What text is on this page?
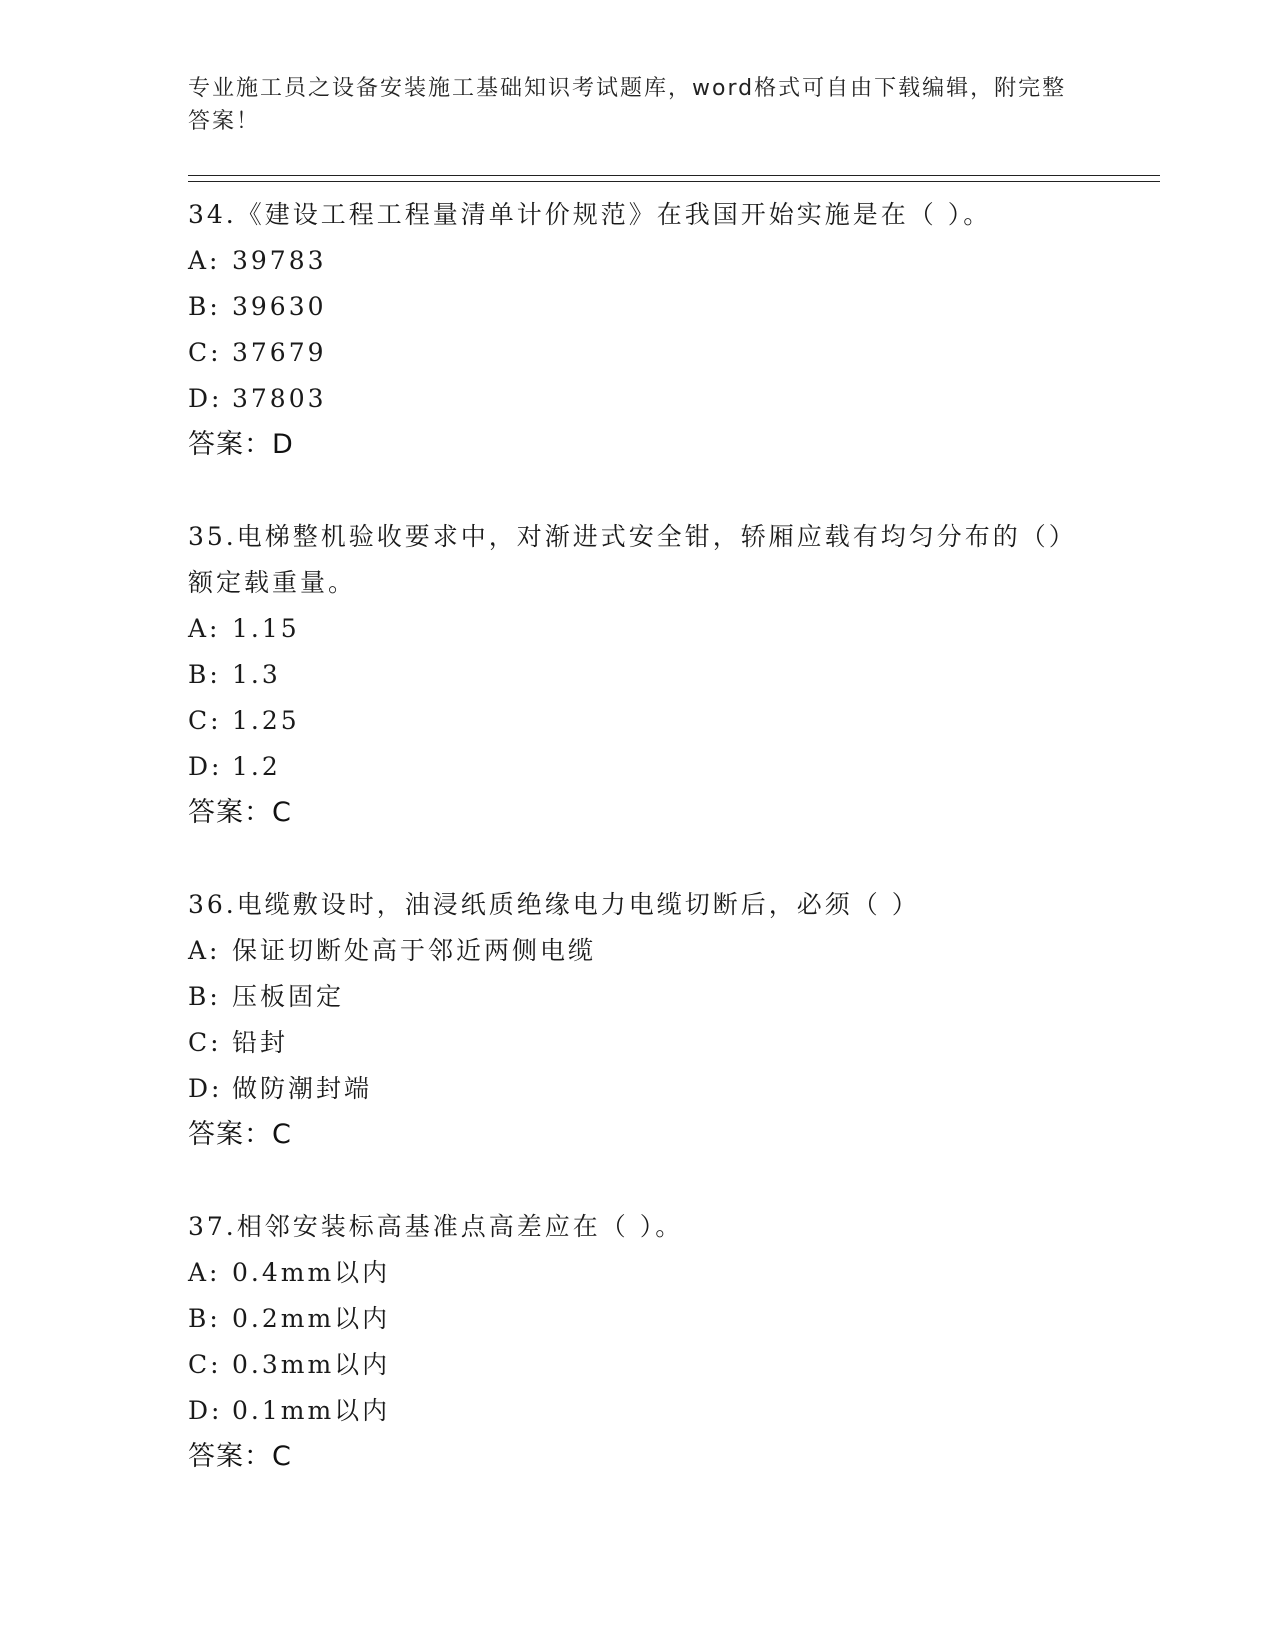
专业施工员之设备安装施工基础知识考试题库，word格式可自由下载编辑，附完整答案！
34.《建设工程工程量清单计价规范》在我国开始实施是在（ ）。
A: 39783
B: 39630
C: 37679
D: 37803
答案：D
35.电梯整机验收要求中，对渐进式安全钳，轿厢应载有均匀分布的（）额定载重量。
A: 1.15
B: 1.3
C: 1.25
D: 1.2
答案：C
36.电缆敷设时，油浸纸质绝缘电力电缆切断后，必须（ ）
A: 保证切断处高于邻近两侧电缆
B: 压板固定
C: 铅封
D: 做防潮封端
答案：C
37.相邻安装标高基准点高差应在（ ）。
A: 0.4mm以内
B: 0.2mm以内
C: 0.3mm以内
D: 0.1mm以内
答案：C
